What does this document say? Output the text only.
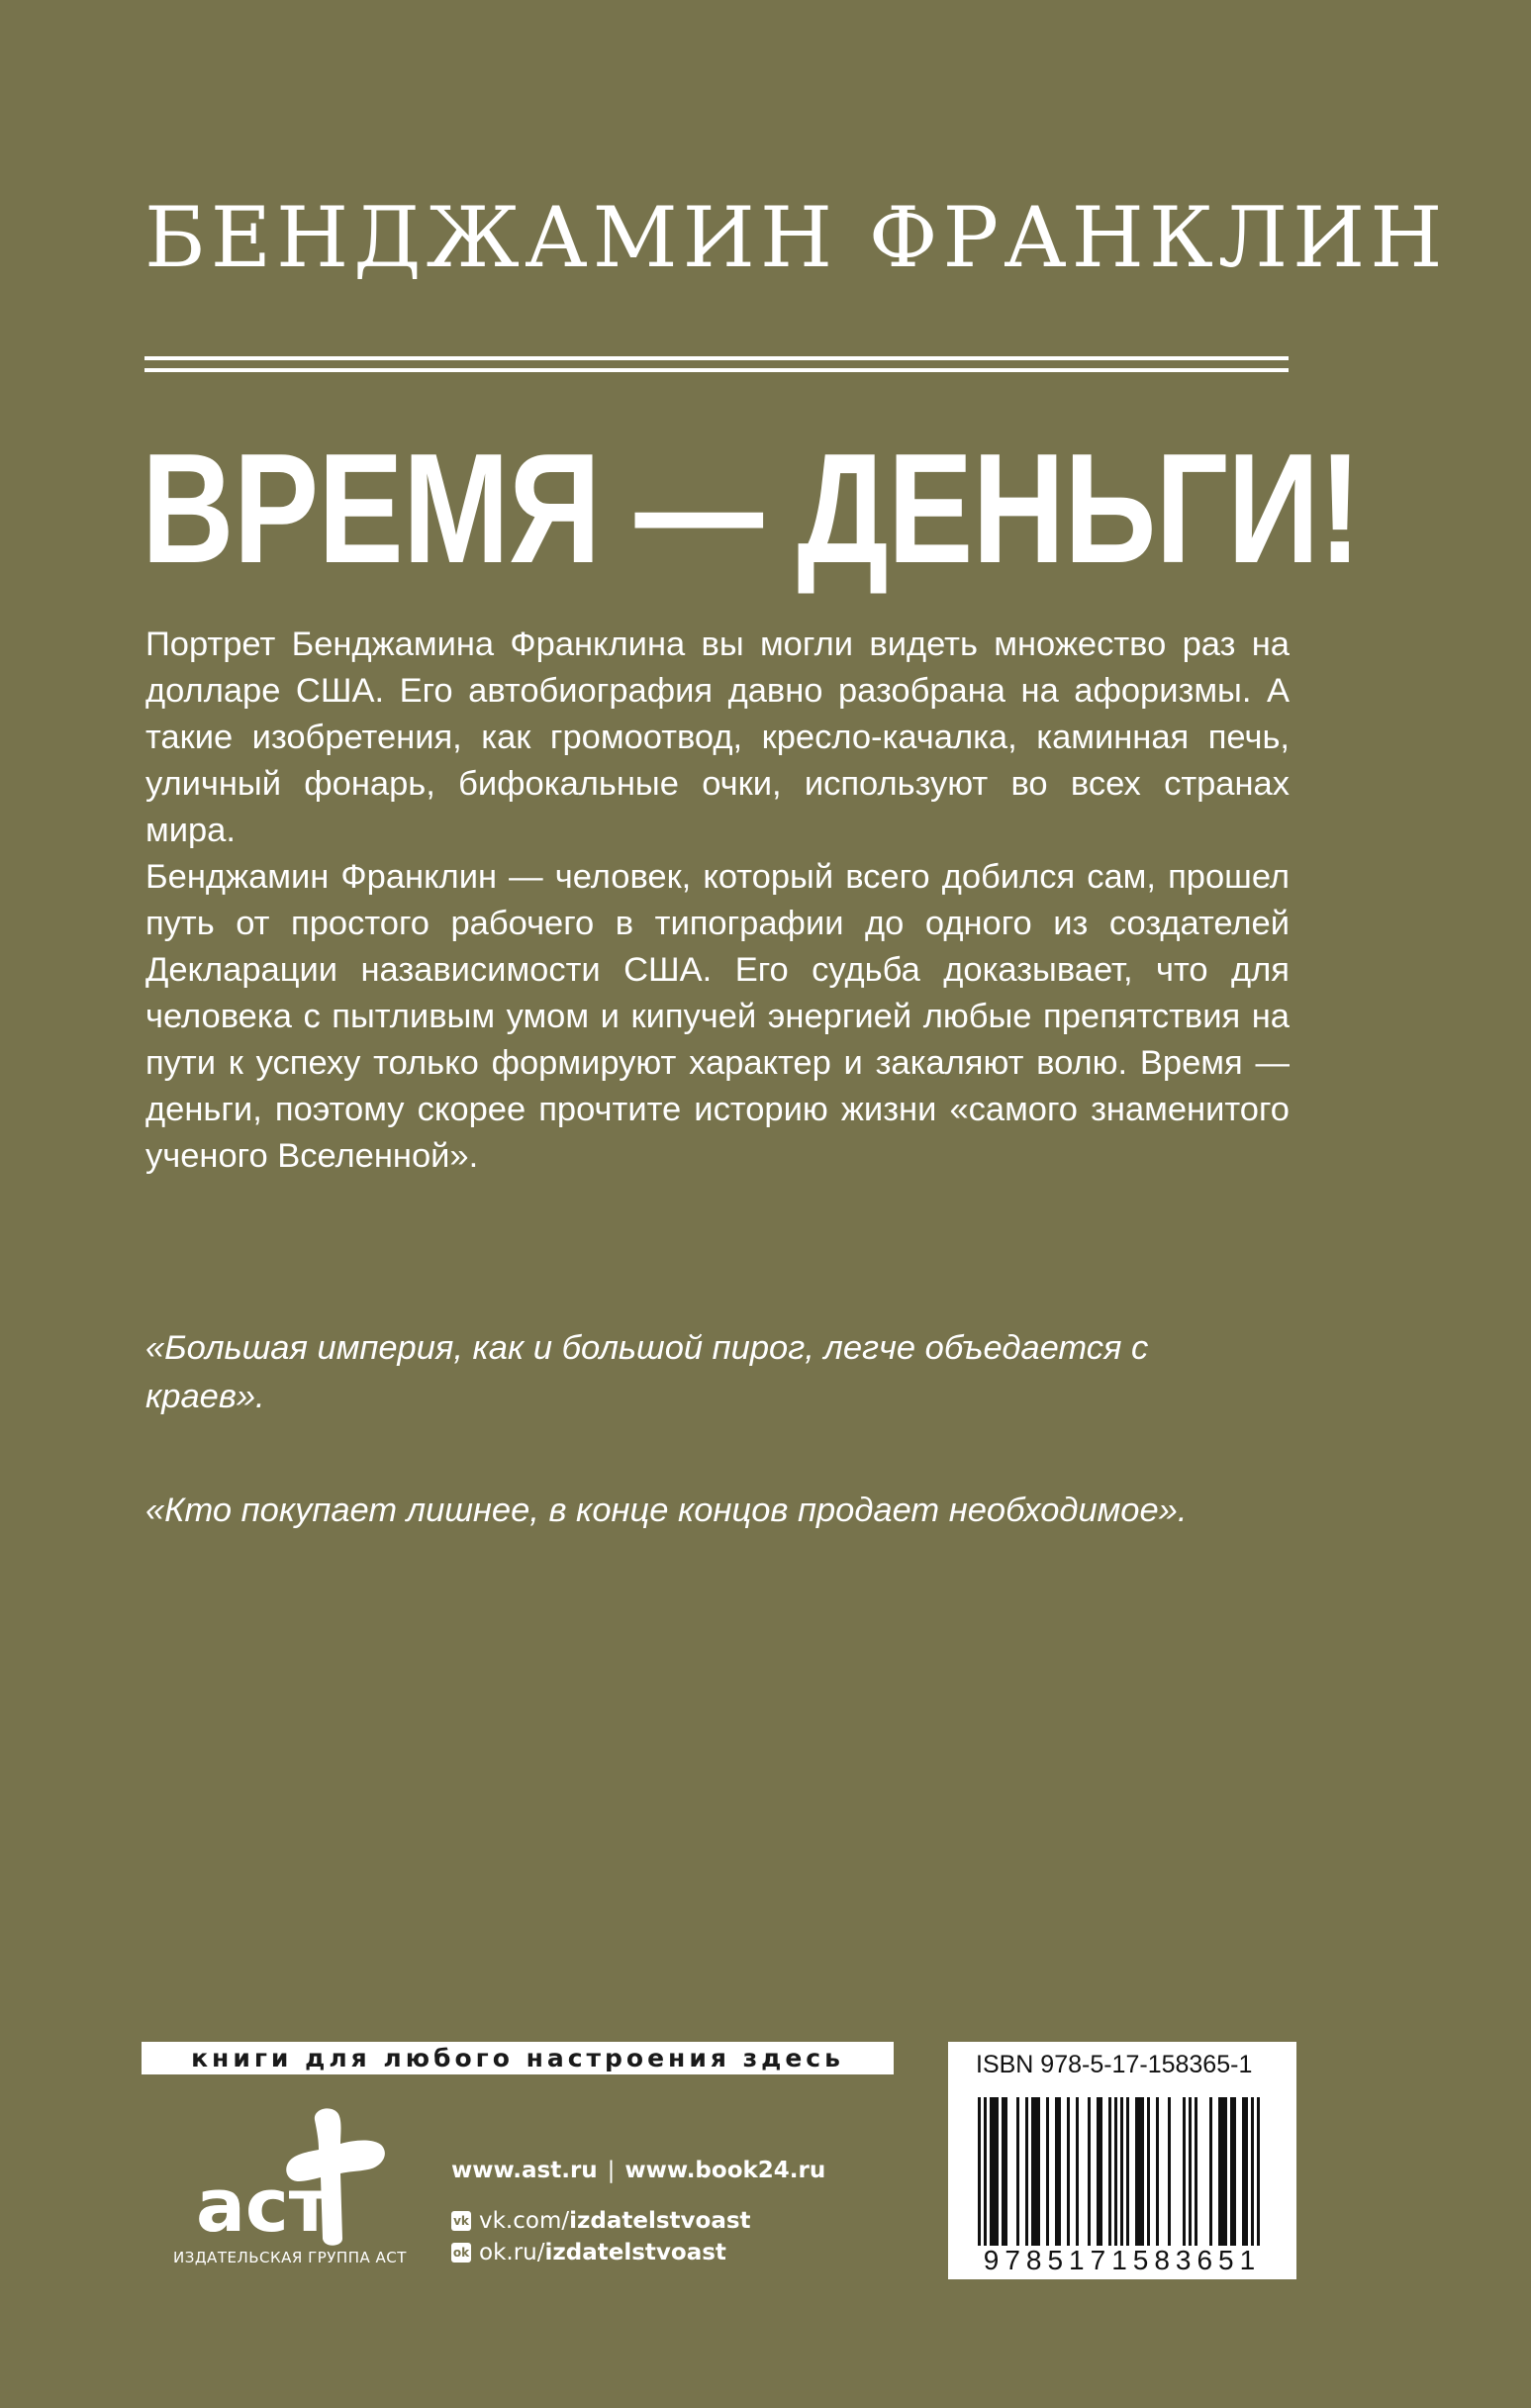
БЕНДЖАМИН ФРАНКЛИН
ВРЕМЯ — ДЕНЬГИ!

Портрет Бенджамина Франклина вы могли видеть множество раз на долларе США. Его автобиография давно разобрана на афоризмы. А такие изобретения, как громоотвод, кресло-качалка, каминная печь, уличный фонарь, бифокальные очки, используют во всех странах мира.

Бенджамин Франклин — человек, который всего добился сам, прошел путь от простого рабочего в типографии до одного из создателей Декларации назависимости США. Его судьба доказывает, что для человека с пытливым умом и кипучей энергией любые препятствия на пути к успеху только формируют характер и закаляют волю. Время — деньги, поэтому скорее прочтите историю жизни «самого знаменитого ученого Вселенной».

«Большая империя, как и большой пирог, легче объедается с краев».
«Кто покупает лишнее, в конце концов продает необходимое».
книги для любого настроения здесь
аст
ИЗДАТЕЛЬСКАЯ ГРУППА АСТ
www.ast.ru | www.book24.ru
vk vk.com/ izdatelstvoast
ok ok.ru/ izdatelstvoast
ISBN 978-5-17-158365-1
9785171583651
